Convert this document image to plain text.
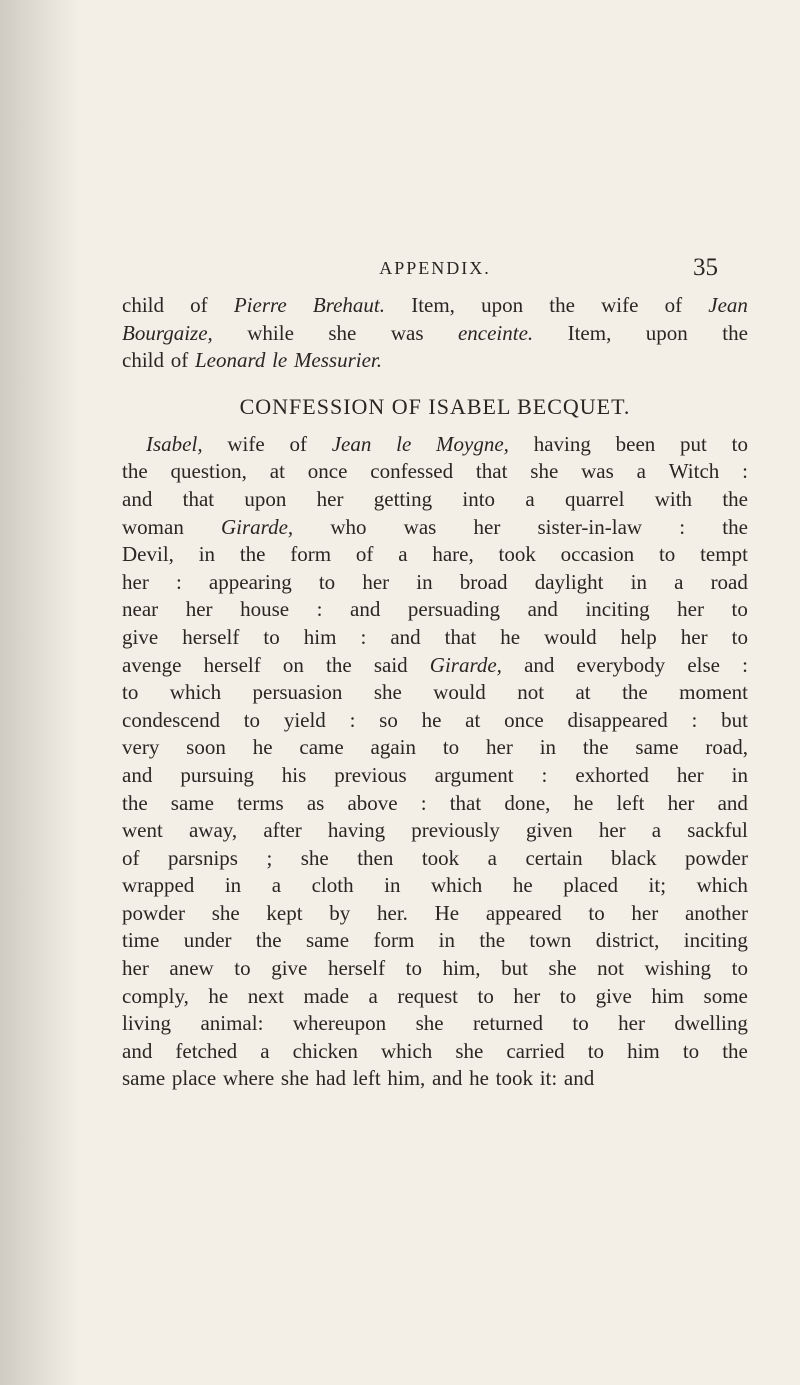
APPENDIX.	35

child of Pierre Brehaut. Item, upon the wife of Jean
Bourgaize, while she was enceinte. Item, upon the
child of Leonard le Messurier.

CONFESSION OF ISABEL BECQUET.

Isabel, wife of Jean le Moygne, having been put to
the question, at once confessed that she was a Witch :
and that upon her getting into a quarrel with the
woman Girarde, who was her sister-in-law : the
Devil, in the form of a hare, took occasion to tempt
her : appearing to her in broad daylight in a road
near her house : and persuading and inciting her to
give herself to him : and that he would help her to
avenge herself on the said Girarde, and everybody else :
to which persuasion she would not at the moment
condescend to yield : so he at once disappeared : but
very soon he came again to her in the same road,
and pursuing his previous argument : exhorted her in
the same terms as above : that done, he left her and
went away, after having previously given her a sackful
of parsnips ; she then took a certain black powder
wrapped in a cloth in which he placed it; which
powder she kept by her. He appeared to her another
time under the same form in the town district, inciting
her anew to give herself to him, but she not wishing to
comply, he next made a request to her to give him some
living animal: whereupon she returned to her dwelling
and fetched a chicken which she carried to him to the
same place where she had left him, and he took it: and
